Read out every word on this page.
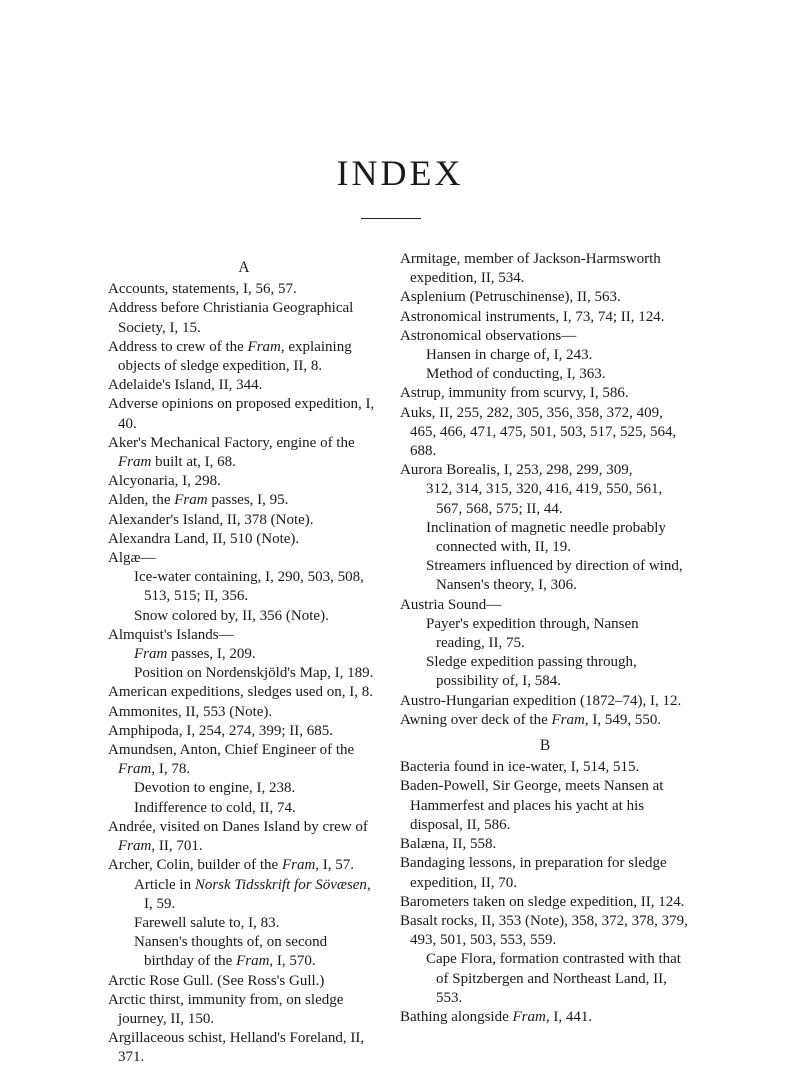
INDEX

A

Accounts, statements, I, 56, 57.

Address before Christiania Geographical Society, I, 15.

Address to crew of the Fram, explaining objects of sledge expedition, II, 8.

Adelaide's Island, II, 344.

Adverse opinions on proposed expedition, I, 40.

Aker's Mechanical Factory, engine of the Fram built at, I, 68.

Alcyonaria, I, 298.

Alden, the Fram passes, I, 95.

Alexander's Island, II, 378 (Note).

Alexandra Land, II, 510 (Note).

Algæ—

Ice-water containing, I, 290, 503, 508, 513, 515; II, 356.

Snow colored by, II, 356 (Note).

Almquist's Islands—

Fram passes, I, 209.

Position on Nordenskjöld's Map, I, 189.

American expeditions, sledges used on, I, 8.

Ammonites, II, 553 (Note).

Amphipoda, I, 254, 274, 399; II, 685.

Amundsen, Anton, Chief Engineer of the Fram, I, 78.

Devotion to engine, I, 238.

Indifference to cold, II, 74.

Andrée, visited on Danes Island by crew of Fram, II, 701.

Archer, Colin, builder of the Fram, I, 57.

Article in Norsk Tidsskrift for Sövæsen, I, 59.

Farewell salute to, I, 83.

Nansen's thoughts of, on second birthday of the Fram, I, 570.

Arctic Rose Gull. (See Ross's Gull.)

Arctic thirst, immunity from, on sledge journey, II, 150.

Argillaceous schist, Helland's Foreland, II, 371.

Armitage, member of Jackson-Harmsworth expedition, II, 534.

Asplenium (Petruschinense), II, 563.

Astronomical instruments, I, 73, 74; II, 124.

Astronomical observations—

Hansen in charge of, I, 243.

Method of conducting, I, 363.

Astrup, immunity from scurvy, I, 586.

Auks, II, 255, 282, 305, 356, 358, 372, 409, 465, 466, 471, 475, 501, 503, 517, 525, 564, 688.

Aurora Borealis, I, 253, 298, 299, 309,

312, 314, 315, 320, 416, 419, 550, 561, 567, 568, 575; II, 44.

Inclination of magnetic needle probably connected with, II, 19.

Streamers influenced by direction of wind, Nansen's theory, I, 306.

Austria Sound—

Payer's expedition through, Nansen reading, II, 75.

Sledge expedition passing through, possibility of, I, 584.

Austro-Hungarian expedition (1872–74), I, 12.

Awning over deck of the Fram, I, 549, 550.

B

Bacteria found in ice-water, I, 514, 515.

Baden-Powell, Sir George, meets Nansen at Hammerfest and places his yacht at his disposal, II, 586.

Balæna, II, 558.

Bandaging lessons, in preparation for sledge expedition, II, 70.

Barometers taken on sledge expedition, II, 124.

Basalt rocks, II, 353 (Note), 358, 372, 378, 379, 493, 501, 503, 553, 559.

Cape Flora, formation contrasted with that of Spitzbergen and Northeast Land, II, 553.

Bathing alongside Fram, I, 441.
